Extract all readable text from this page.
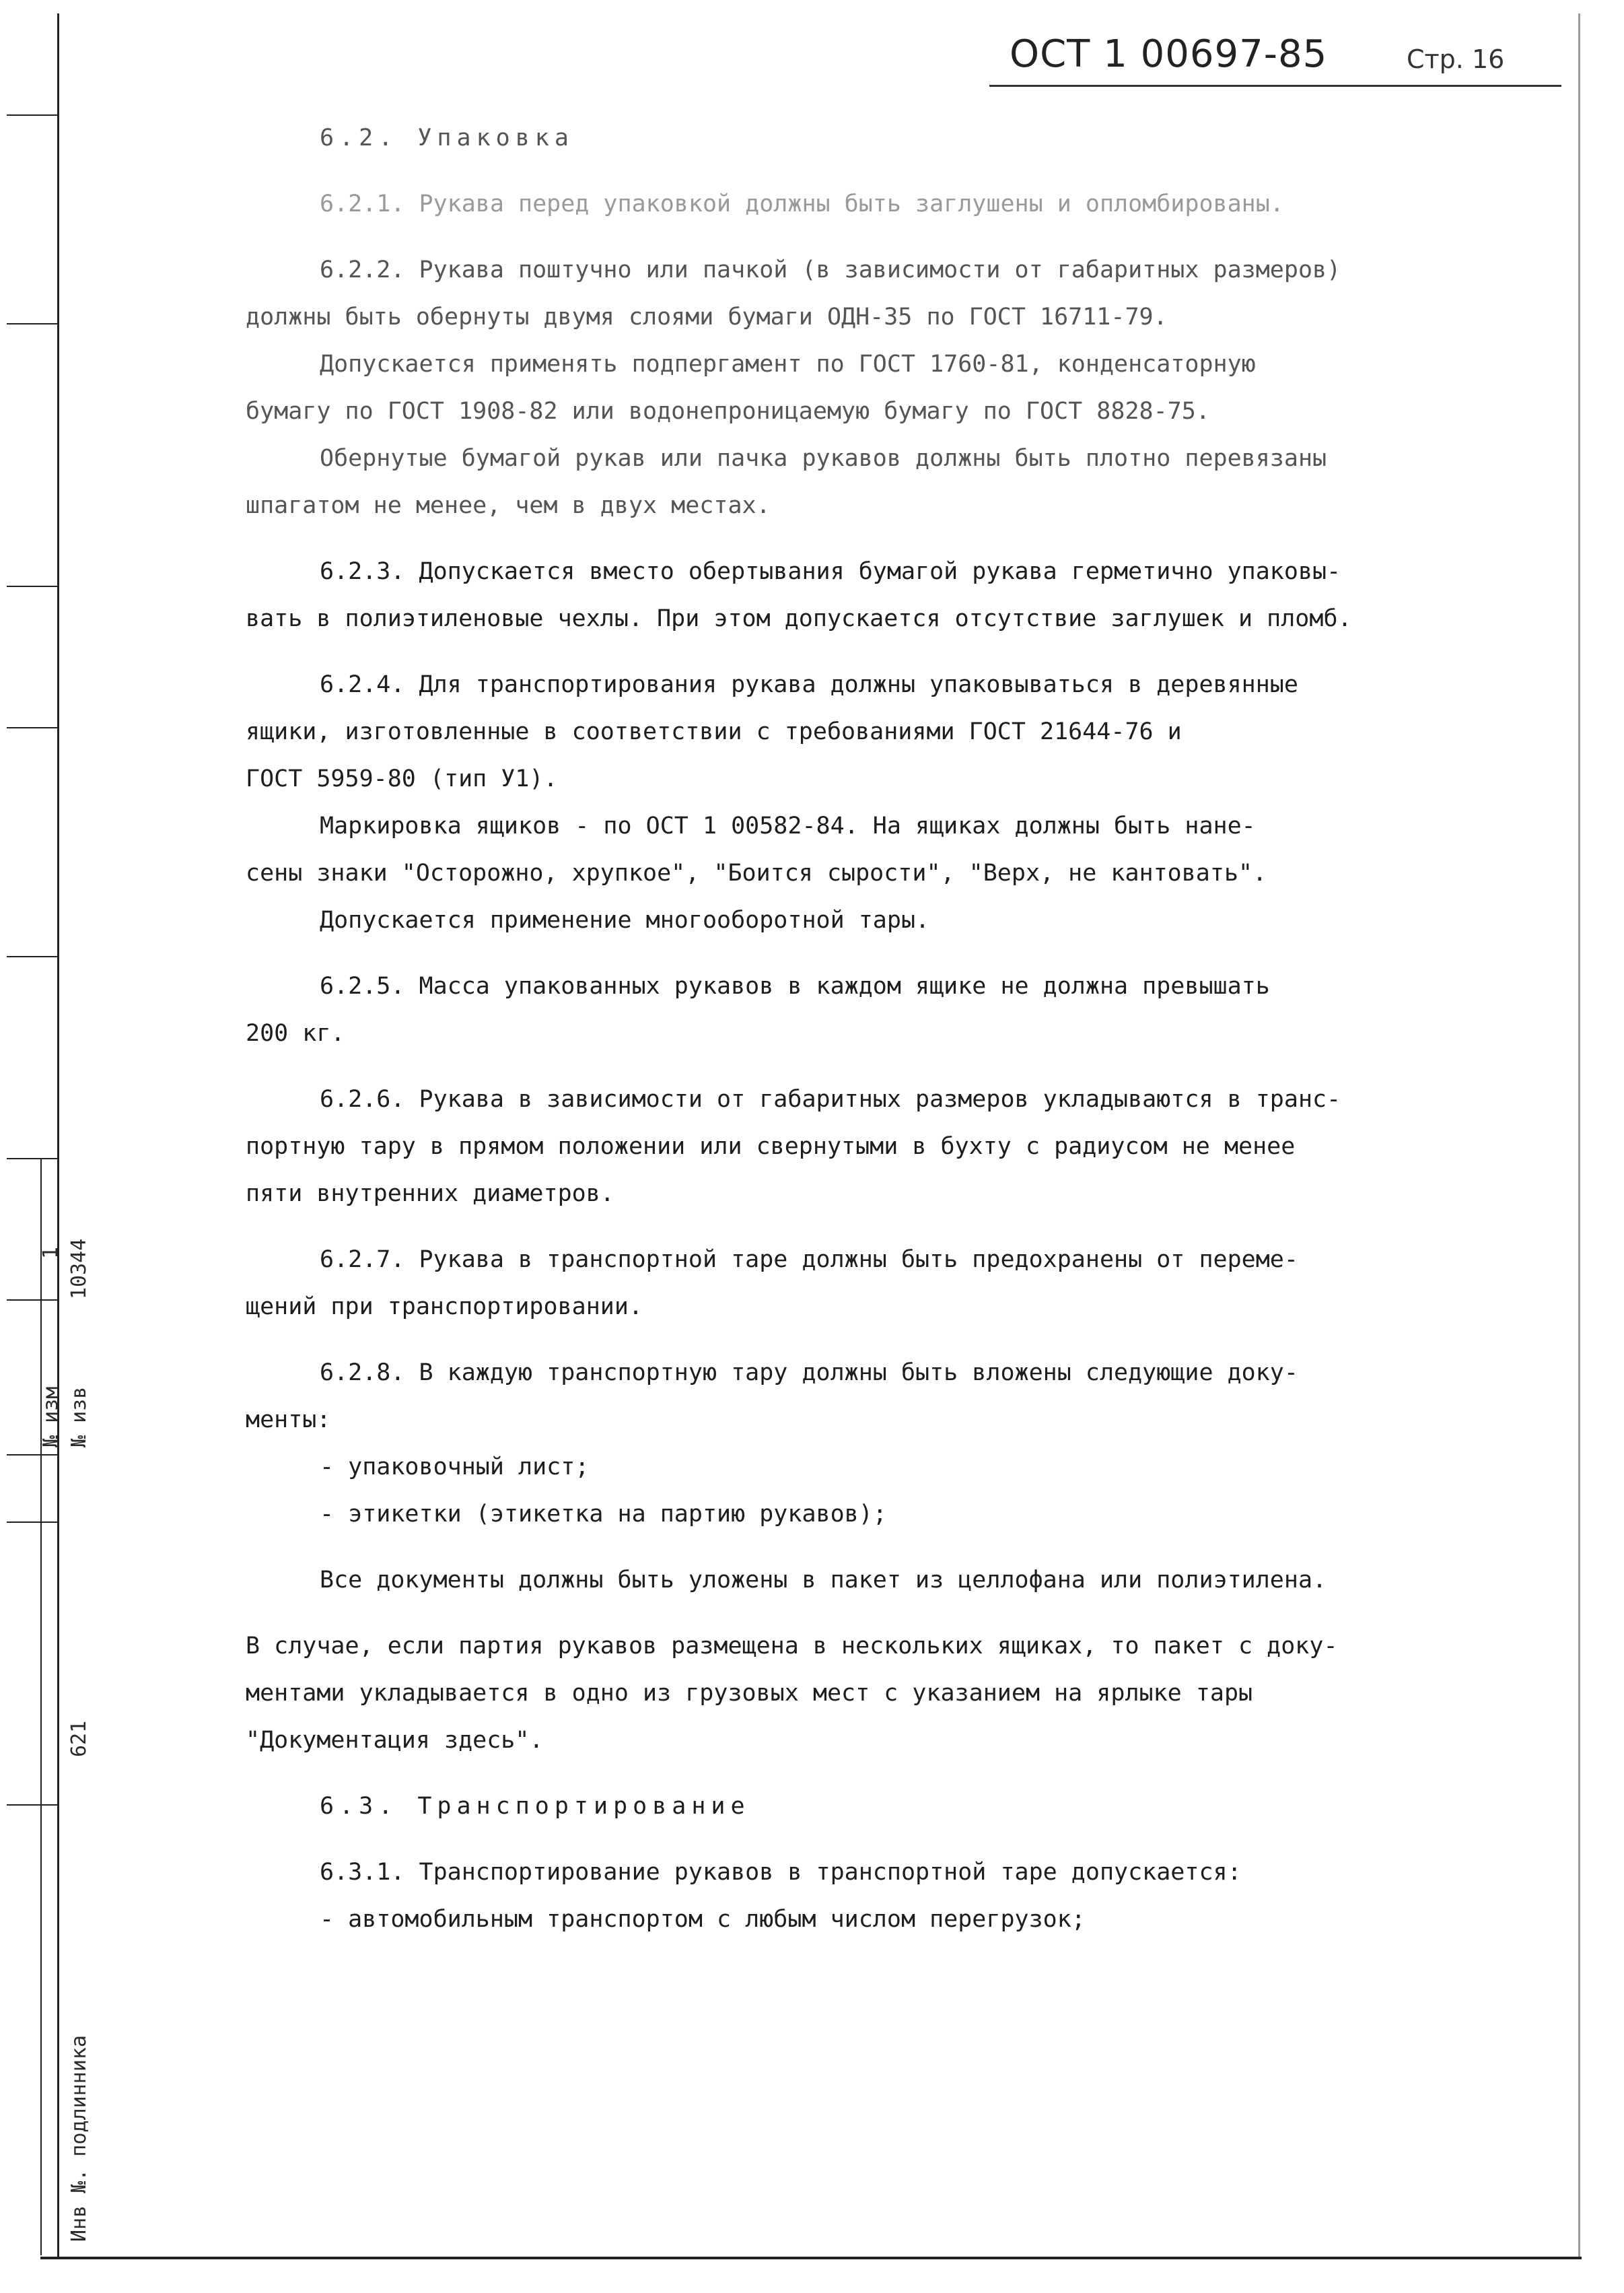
№ изм
1
№ изв
10344
621
Инв №. подлинника
ОСТ 1 00697-85	Стр. 16

6.2. Упаковка

6.2.1. Рукава перед упаковкой должны быть заглушены и опломбированы.

6.2.2. Рукава поштучно или пачкой (в зависимости от габаритных размеров)

должны быть обернуты двумя слоями бумаги ОДН-35 по ГОСТ 16711-79.

Допускается применять подпергамент по ГОСТ 1760-81, конденсаторную

бумагу по ГОСТ 1908-82 или водонепроницаемую бумагу по ГОСТ 8828-75.

Обернутые бумагой рукав или пачка рукавов должны быть плотно перевязаны

шпагатом не менее, чем в двух местах.

6.2.3. Допускается вместо обертывания бумагой рукава герметично упаковы-

вать в полиэтиленовые чехлы. При этом допускается отсутствие заглушек и пломб.

6.2.4. Для транспортирования рукава должны упаковываться в деревянные

ящики, изготовленные в соответствии с требованиями ГОСТ 21644-76 и

ГОСТ 5959-80 (тип У1).

Маркировка ящиков - по ОСТ 1 00582-84. На ящиках должны быть нане-

сены знаки "Осторожно, хрупкое", "Боится сырости", "Верх, не кантовать".

Допускается применение многооборотной тары.

6.2.5. Масса упакованных рукавов в каждом ящике не должна превышать

200 кг.

6.2.6. Рукава в зависимости от габаритных размеров укладываются в транс-

портную тару в прямом положении или свернутыми в бухту с радиусом не менее

пяти внутренних диаметров.

6.2.7. Рукава в транспортной таре должны быть предохранены от переме-

щений при транспортировании.

6.2.8. В каждую транспортную тару должны быть вложены следующие доку-

менты:

- упаковочный лист;

- этикетки (этикетка на партию рукавов);

Все документы должны быть уложены в пакет из целлофана или полиэтилена.

В случае, если партия рукавов размещена в нескольких ящиках, то пакет с доку-

ментами укладывается в одно из грузовых мест с указанием на ярлыке тары

"Документация здесь".

6.3. Транспортирование

6.3.1. Транспортирование рукавов в транспортной таре допускается:

- автомобильным транспортом с любым числом перегрузок;
